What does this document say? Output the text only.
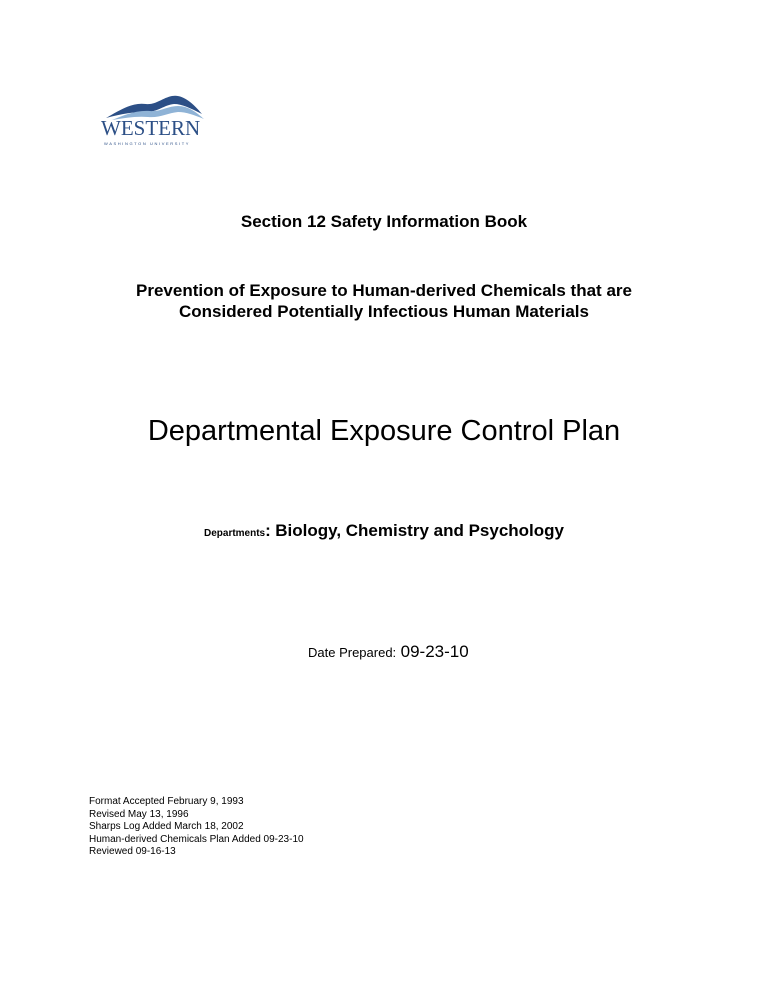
WESTERN
WASHINGTON UNIVERSITY
Section 12 Safety Information Book
Prevention of Exposure to Human-derived Chemicals that are
Considered Potentially Infectious Human Materials
Departmental Exposure Control Plan
Departments: Biology, Chemistry and Psychology
Date Prepared: 09-23-10
Format Accepted February 9, 1993
Revised May 13, 1996
Sharps Log Added March 18, 2002
Human-derived Chemicals Plan Added 09-23-10
Reviewed 09-16-13
